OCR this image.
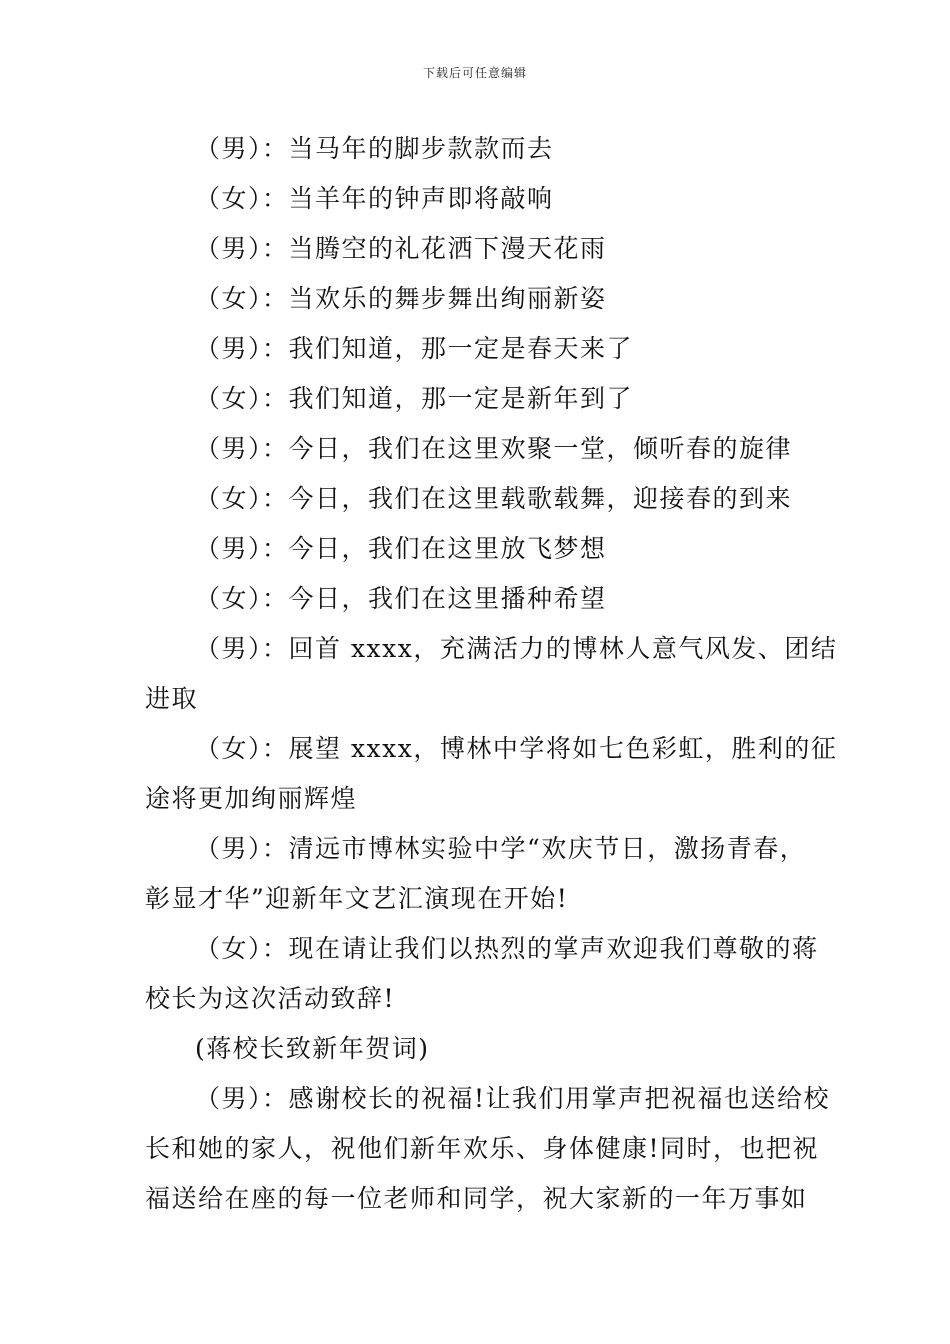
下载后可任意编辑

（男）：当马年的脚步款款而去

（女）：当羊年的钟声即将敲响

（男）：当腾空的礼花洒下漫天花雨

（女）：当欢乐的舞步舞出绚丽新姿

（男）：我们知道，那一定是春天来了

（女）：我们知道，那一定是新年到了

（男）：今日，我们在这里欢聚一堂，倾听春的旋律

（女）：今日，我们在这里载歌载舞，迎接春的到来

（男）：今日，我们在这里放飞梦想

（女）：今日，我们在这里播种希望

（男）：回首 xxxx，充满活力的博林人意气风发、团结
进取

（女）：展望 xxxx，博林中学将如七色彩虹，胜利的征
途将更加绚丽辉煌

（男）：清远市博林实验中学“欢庆节日，激扬青春，
彰显才华”迎新年文艺汇演现在开始!

（女）：现在请让我们以热烈的掌声欢迎我们尊敬的蒋
校长为这次活动致辞!

(蒋校长致新年贺词)

（男）：感谢校长的祝福!让我们用掌声把祝福也送给校
长和她的家人，祝他们新年欢乐、身体健康!同时，也把祝
福送给在座的每一位老师和同学，祝大家新的一年万事如
